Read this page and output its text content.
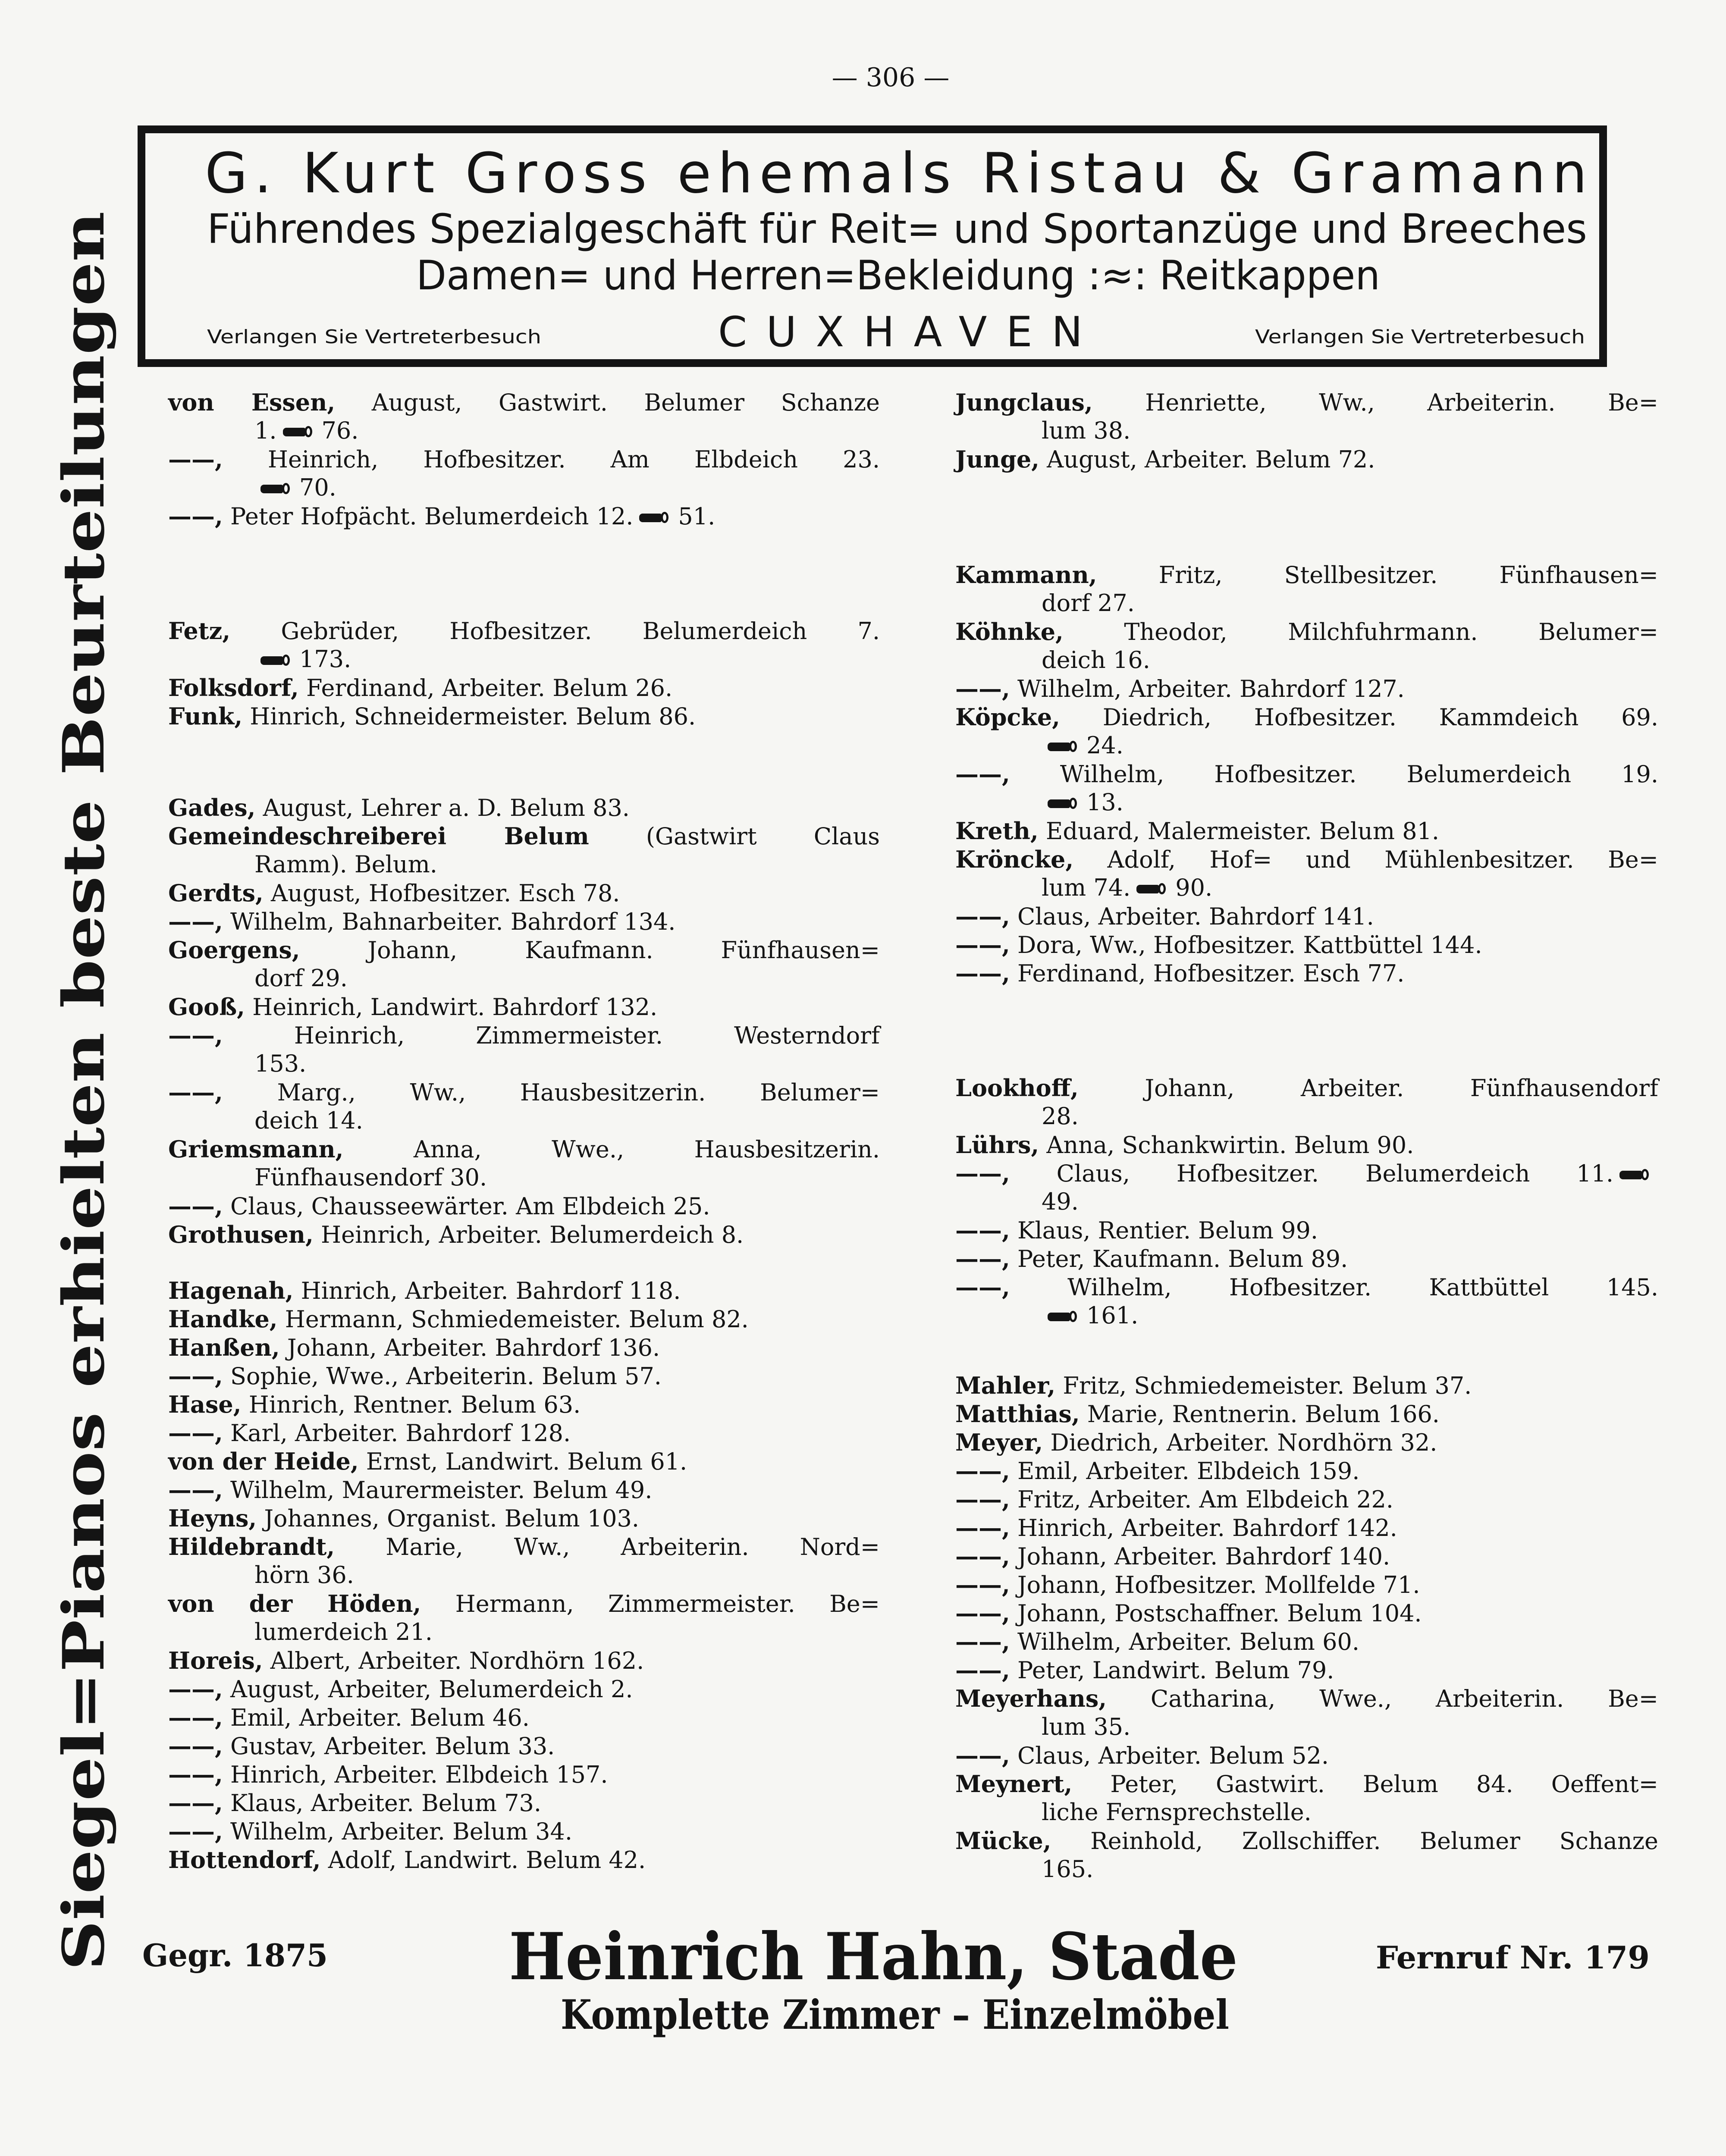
— 306 —
G. Kurt Gross ehemals Ristau & Gramann
Führendes Spezialgeschäft für Reit= und Sportanzüge und Breeches
Damen= und Herren=Bekleidung :≈: Reitkappen
Verlangen Sie Vertreterbesuch	CUXHAVEN	Verlangen Sie Vertreterbesuch
Siegel=Pianos erhielten beste Beurteilungen Gegr. 1875	Heinrich Hahn, Stade	Fernruf Nr. 179
Komplette Zimmer – Einzelmöbel
von Essen, August, Gastwirt. Belumer Schanze
1. 76.
——, Heinrich, Hofbesitzer. Am Elbdeich 23.
70.
——, Peter Hofpächt. Belumerdeich 12. 51.
Fetz, Gebrüder, Hofbesitzer. Belumerdeich 7.
173.
Folksdorf, Ferdinand, Arbeiter. Belum 26.
Funk, Hinrich, Schneidermeister. Belum 86.
Gades, August, Lehrer a. D. Belum 83.
Gemeindeschreiberei Belum (Gastwirt Claus
Ramm). Belum.
Gerdts, August, Hofbesitzer. Esch 78.
——, Wilhelm, Bahnarbeiter. Bahrdorf 134.
Goergens,	Johann, Kaufmann. Fünfhausen=
dorf 29.
Gooß, Heinrich, Landwirt. Bahrdorf 132.
——,	Heinrich, Zimmermeister. Westerndorf
153.
——, Marg., Ww., Hausbesitzerin. Belumer=
deich 14.
Griemsmann,	Anna, Wwe., Hausbesitzerin.
Fünfhausendorf 30.
——, Claus, Chausseewärter. Am Elbdeich 25.
Grothusen, Heinrich, Arbeiter. Belumerdeich 8.
Hagenah, Hinrich, Arbeiter. Bahrdorf 118.
Handke, Hermann, Schmiedemeister. Belum 82.
Hanßen, Johann, Arbeiter. Bahrdorf 136.
——, Sophie, Wwe., Arbeiterin. Belum 57.
Hase, Hinrich, Rentner. Belum 63.
——, Karl, Arbeiter. Bahrdorf 128.
von der Heide, Ernst, Landwirt. Belum 61.
——, Wilhelm, Maurermeister. Belum 49.
Heyns, Johannes, Organist. Belum 103.
Hildebrandt, Marie, Ww., Arbeiterin. Nord=
hörn 36.
von der Höden, Hermann, Zimmermeister. Be=
lumerdeich 21.
Horeis, Albert, Arbeiter. Nordhörn 162.
——, August, Arbeiter, Belumerdeich 2.
——, Emil, Arbeiter. Belum 46.
——, Gustav, Arbeiter. Belum 33.
——, Hinrich, Arbeiter. Elbdeich 157.
——, Klaus, Arbeiter. Belum 73.
——, Wilhelm, Arbeiter. Belum 34.
Hottendorf, Adolf, Landwirt. Belum 42.
Jungclaus, Henriette, Ww., Arbeiterin. Be=
lum 38.
Junge, August, Arbeiter. Belum 72.
Kammann,	Fritz, Stellbesitzer. Fünfhausen=
dorf 27.
Köhnke,	Theodor, Milchfuhrmann. Belumer=
deich 16.
——, Wilhelm, Arbeiter. Bahrdorf 127.
Köpcke, Diedrich, Hofbesitzer. Kammdeich 69.
24.
——, Wilhelm, Hofbesitzer. Belumerdeich 19.
13.
Kreth, Eduard, Malermeister. Belum 81.
Kröncke, Adolf, Hof= und Mühlenbesitzer. Be=
lum 74. 90.
——, Claus, Arbeiter. Bahrdorf 141.
——, Dora, Ww., Hofbesitzer. Kattbüttel 144.
——, Ferdinand, Hofbesitzer. Esch 77.
Lookhoff,	Johann, Arbeiter. Fünfhausendorf
28.
Lührs, Anna, Schankwirtin. Belum 90.
——, Claus, Hofbesitzer. Belumerdeich 11.
49.
——, Klaus, Rentier. Belum 99.
——, Peter, Kaufmann. Belum 89.
——, Wilhelm, Hofbesitzer. Kattbüttel 145.
161.
Mahler, Fritz, Schmiedemeister. Belum 37.
Matthias, Marie, Rentnerin. Belum 166.
Meyer, Diedrich, Arbeiter. Nordhörn 32.
——, Emil, Arbeiter. Elbdeich 159.
——, Fritz, Arbeiter. Am Elbdeich 22.
——, Hinrich, Arbeiter. Bahrdorf 142.
——, Johann, Arbeiter. Bahrdorf 140.
——, Johann, Hofbesitzer. Mollfelde 71.
——, Johann, Postschaffner. Belum 104.
——, Wilhelm, Arbeiter. Belum 60.
——, Peter, Landwirt. Belum 79.
Meyerhans, Catharina, Wwe., Arbeiterin. Be=
lum 35.
——, Claus, Arbeiter. Belum 52.
Meynert, Peter, Gastwirt. Belum 84. Oeffent=
liche Fernsprechstelle.
Mücke, Reinhold, Zollschiffer. Belumer Schanze
165.
